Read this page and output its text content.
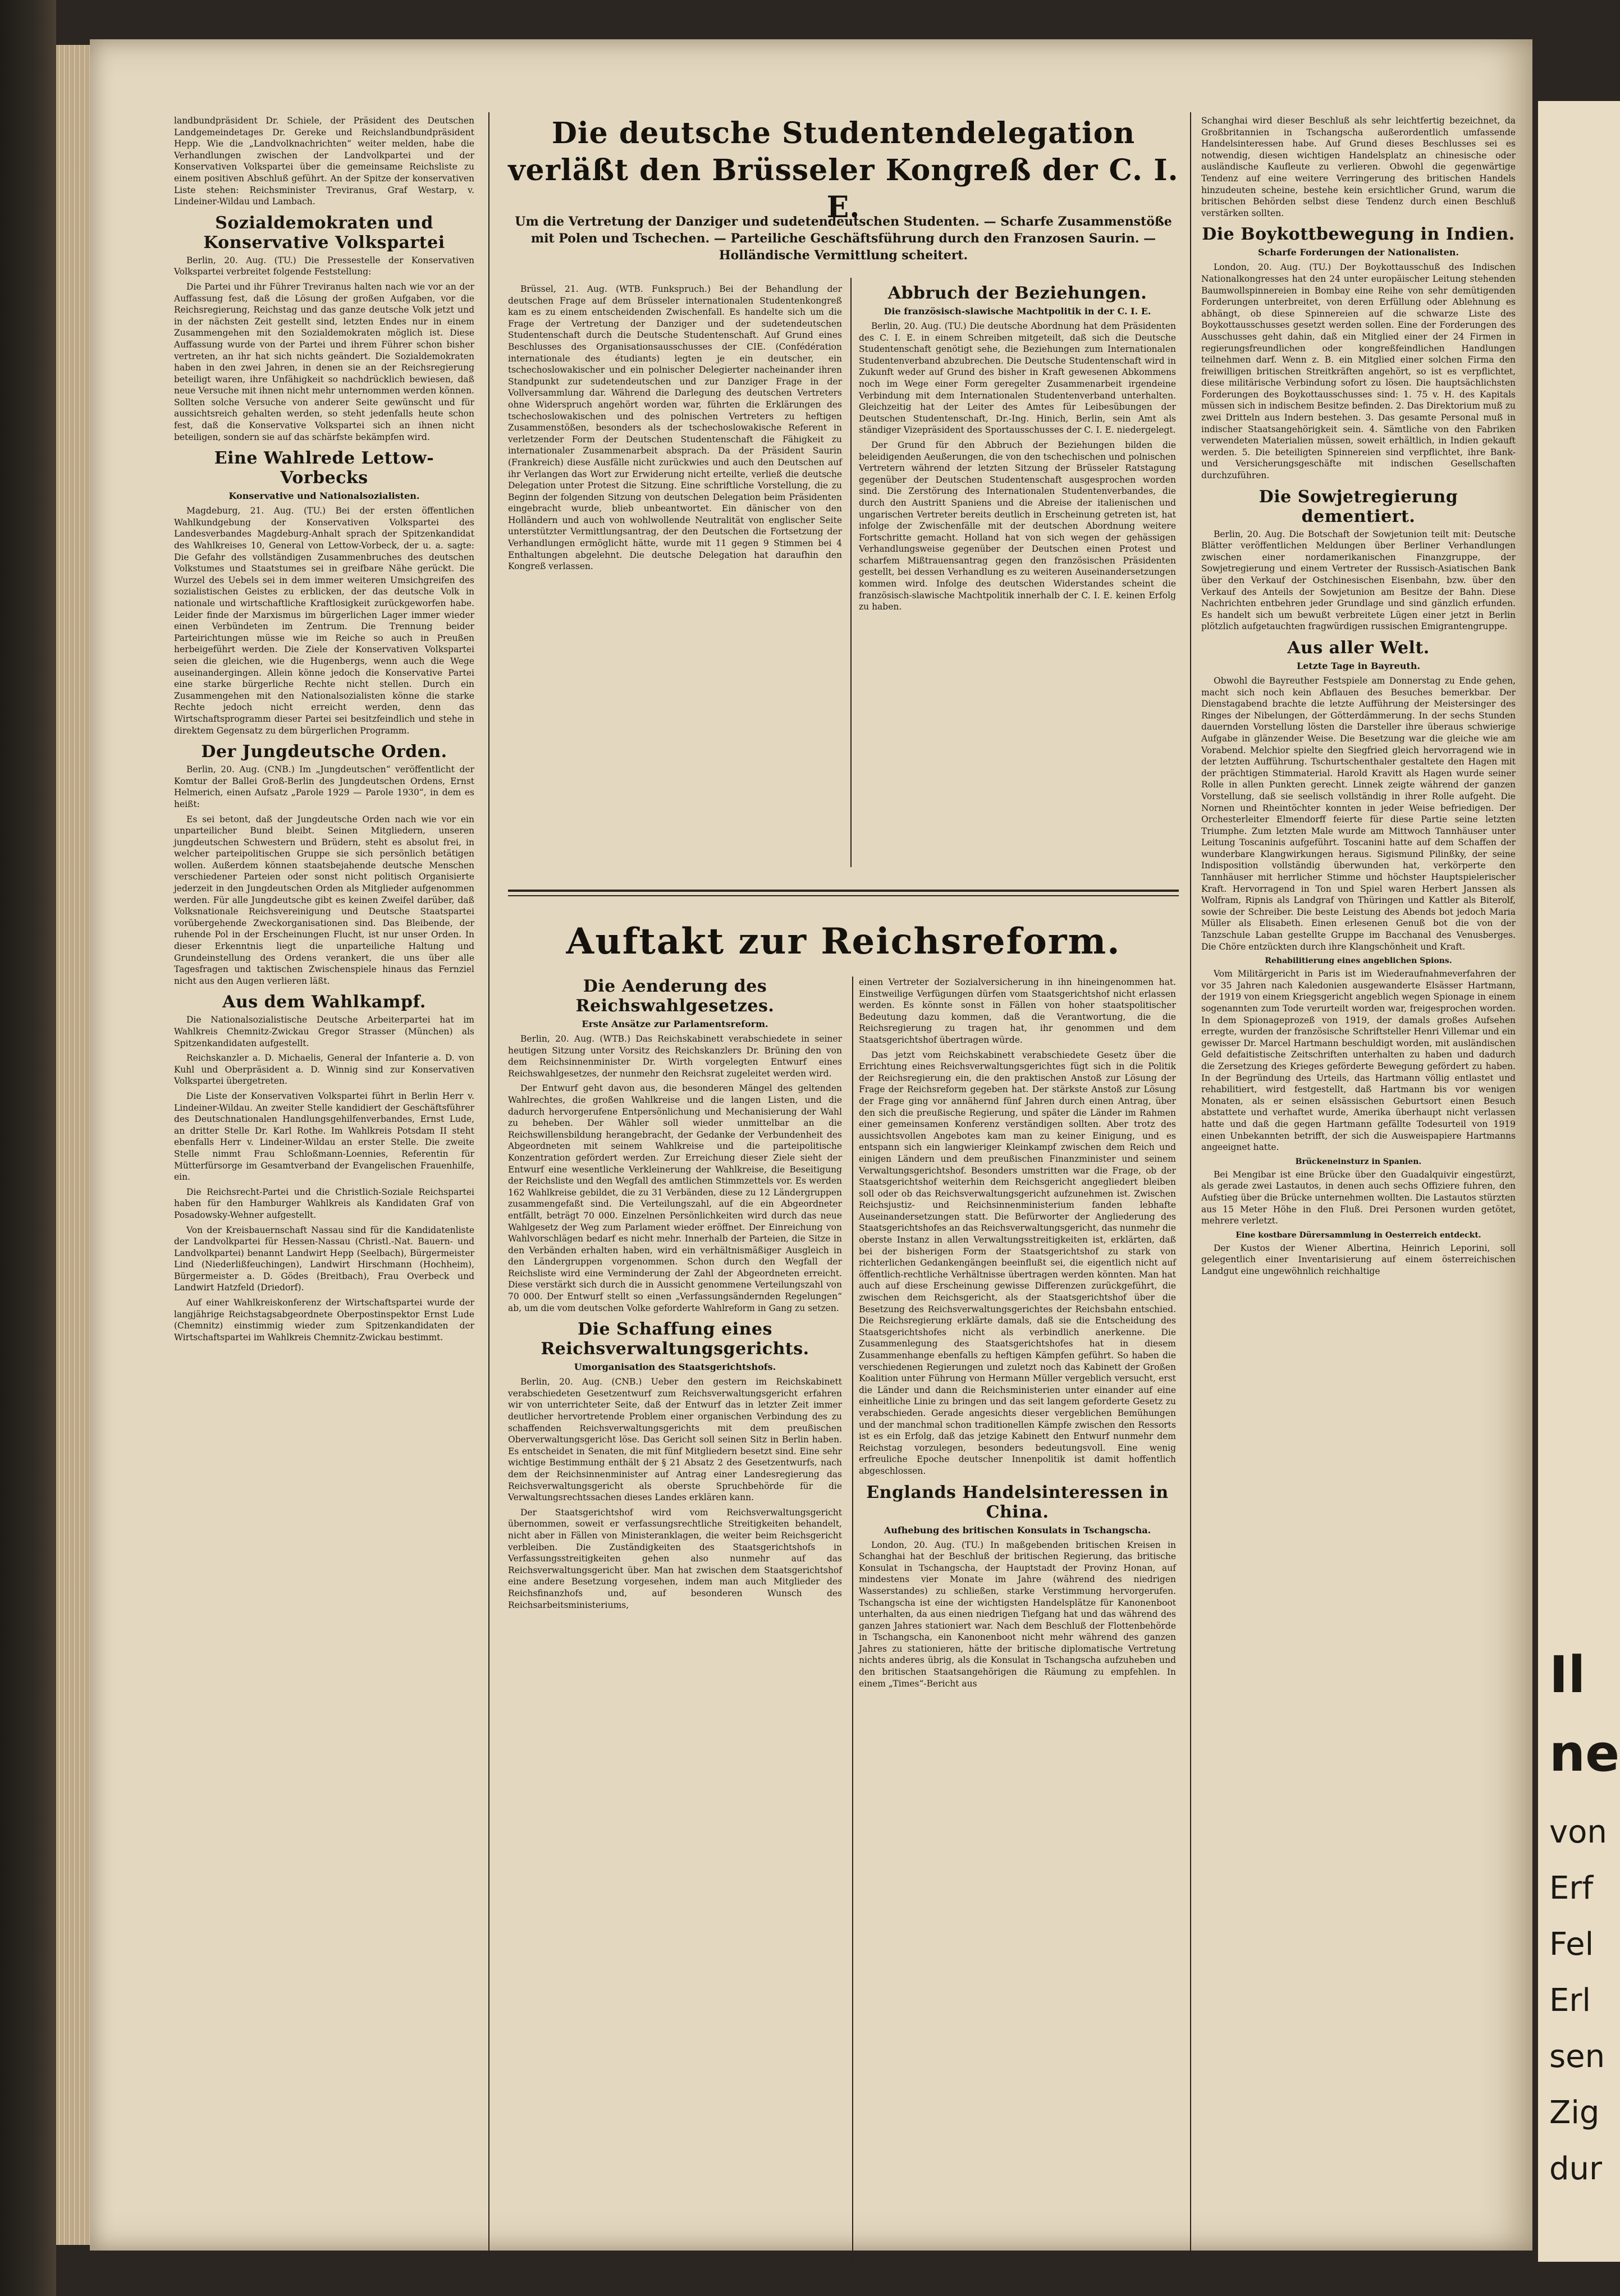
landbundpräsident Dr. Schiele, der Präsident des Deutschen Landgemeindetages Dr. Gereke und Reichslandbundpräsident Hepp. Wie die „Landvolknachrichten“ weiter melden, habe die Verhandlungen zwischen der Landvolkpartei und der Konservativen Volkspartei über die gemeinsame Reichsliste zu einem positiven Abschluß geführt. An der Spitze der konservativen Liste stehen: Reichsminister Treviranus, Graf Westarp, v. Lindeiner-Wildau und Lambach.

Sozialdemokraten und Konservative Volkspartei

Berlin, 20. Aug. (TU.) Die Pressestelle der Konservativen Volkspartei verbreitet folgende Feststellung:

Die Partei und ihr Führer Treviranus halten nach wie vor an der Auffassung fest, daß die Lösung der großen Aufgaben, vor die Reichsregierung, Reichstag und das ganze deutsche Volk jetzt und in der nächsten Zeit gestellt sind, letzten Endes nur in einem Zusammengehen mit den Sozialdemokraten möglich ist. Diese Auffassung wurde von der Partei und ihrem Führer schon bisher vertreten, an ihr hat sich nichts geändert. Die Sozialdemokraten haben in den zwei Jahren, in denen sie an der Reichsregierung beteiligt waren, ihre Unfähigkeit so nachdrücklich bewiesen, daß neue Versuche mit ihnen nicht mehr unternommen werden können. Sollten solche Versuche von anderer Seite gewünscht und für aussichtsreich gehalten werden, so steht jedenfalls heute schon fest, daß die Konservative Volkspartei sich an ihnen nicht beteiligen, sondern sie auf das schärfste bekämpfen wird.

Eine Wahlrede Lettow-Vorbecks
Konservative und Nationalsozialisten.

Magdeburg, 21. Aug. (TU.) Bei der ersten öffentlichen Wahlkundgebung der Konservativen Volkspartei des Landesverbandes Magdeburg-Anhalt sprach der Spitzenkandidat des Wahlkreises 10, General von Lettow-Vorbeck, der u. a. sagte: Die Gefahr des vollständigen Zusammenbruches des deutschen Volkstumes und Staatstumes sei in greifbare Nähe gerückt. Die Wurzel des Uebels sei in dem immer weiteren Umsichgreifen des sozialistischen Geistes zu erblicken, der das deutsche Volk in nationale und wirtschaftliche Kraftlosigkeit zurückgeworfen habe. Leider finde der Marxismus im bürgerlichen Lager immer wieder einen Verbündeten im Zentrum. Die Trennung beider Parteirichtungen müsse wie im Reiche so auch in Preußen herbeigeführt werden. Die Ziele der Konservativen Volkspartei seien die gleichen, wie die Hugenbergs, wenn auch die Wege auseinandergingen. Allein könne jedoch die Konservative Partei eine starke bürgerliche Rechte nicht stellen. Durch ein Zusammengehen mit den Nationalsozialisten könne die starke Rechte jedoch nicht erreicht werden, denn das Wirtschaftsprogramm dieser Partei sei besitzfeindlich und stehe in direktem Gegensatz zu dem bürgerlichen Programm.

Der Jungdeutsche Orden.

Berlin, 20. Aug. (CNB.) Im „Jungdeutschen“ veröffentlicht der Komtur der Ballei Groß-Berlin des Jungdeutschen Ordens, Ernst Helmerich, einen Aufsatz „Parole 1929 — Parole 1930“, in dem es heißt:

Es sei betont, daß der Jungdeutsche Orden nach wie vor ein unparteilicher Bund bleibt. Seinen Mitgliedern, unseren jungdeutschen Schwestern und Brüdern, steht es absolut frei, in welcher parteipolitischen Gruppe sie sich persönlich betätigen wollen. Außerdem können staatsbejahende deutsche Menschen verschiedener Parteien oder sonst nicht politisch Organisierte jederzeit in den Jungdeutschen Orden als Mitglieder aufgenommen werden. Für alle Jungdeutsche gibt es keinen Zweifel darüber, daß Volksnationale Reichsvereinigung und Deutsche Staatspartei vorübergehende Zweckorganisationen sind. Das Bleibende, der ruhende Pol in der Erscheinungen Flucht, ist nur unser Orden. In dieser Erkenntnis liegt die unparteiliche Haltung und Grundeinstellung des Ordens verankert, die uns über alle Tagesfragen und taktischen Zwischenspiele hinaus das Fernziel nicht aus den Augen verlieren läßt.

Aus dem Wahlkampf.

Die Nationalsozialistische Deutsche Arbeiterpartei hat im Wahlkreis Chemnitz-Zwickau Gregor Strasser (München) als Spitzenkandidaten aufgestellt.

Reichskanzler a. D. Michaelis, General der Infanterie a. D. von Kuhl und Oberpräsident a. D. Winnig sind zur Konservativen Volkspartei übergetreten.

Die Liste der Konservativen Volkspartei führt in Berlin Herr v. Lindeiner-Wildau. An zweiter Stelle kandidiert der Geschäftsführer des Deutschnationalen Handlungsgehilfenverbandes, Ernst Lude, an dritter Stelle Dr. Karl Rothe. Im Wahlkreis Potsdam II steht ebenfalls Herr v. Lindeiner-Wildau an erster Stelle. Die zweite Stelle nimmt Frau Schloßmann-Loennies, Referentin für Mütterfürsorge im Gesamtverband der Evangelischen Frauenhilfe, ein.

Die Reichsrecht-Partei und die Christlich-Soziale Reichspartei haben für den Hamburger Wahlkreis als Kandidaten Graf von Posadowsky-Wehner aufgestellt.

Von der Kreisbauernschaft Nassau sind für die Kandidatenliste der Landvolkpartei für Hessen-Nassau (Christl.-Nat. Bauern- und Landvolkpartei) benannt Landwirt Hepp (Seelbach), Bürgermeister Lind (Niederlißfeuchingen), Landwirt Hirschmann (Hochheim), Bürgermeister a. D. Gödes (Breitbach), Frau Overbeck und Landwirt Hatzfeld (Driedorf).

Auf einer Wahlkreiskonferenz der Wirtschaftspartei wurde der langjährige Reichstagsabgeordnete Oberpostinspektor Ernst Lude (Chemnitz) einstimmig wieder zum Spitzenkandidaten der Wirtschaftspartei im Wahlkreis Chemnitz-Zwickau bestimmt.

Die deutsche Studentendelegation verläßt den Brüsseler Kongreß der C. I. E.
Um die Vertretung der Danziger und sudetendeutschen Studenten. — Scharfe Zusammenstöße mit Polen und Tschechen. — Parteiliche Geschäftsführung durch den Franzosen Saurin. — Holländische Vermittlung scheitert.

Brüssel, 21. Aug. (WTB. Funkspruch.) Bei der Behandlung der deutschen Frage auf dem Brüsseler internationalen Studentenkongreß kam es zu einem entscheidenden Zwischenfall. Es handelte sich um die Frage der Vertretung der Danziger und der sudetendeutschen Studentenschaft durch die Deutsche Studentenschaft. Auf Grund eines Beschlusses des Organisationsausschusses der CIE. (Confédération internationale des étudiants) legten je ein deutscher, ein tschechoslowakischer und ein polnischer Delegierter nacheinander ihren Standpunkt zur sudetendeutschen und zur Danziger Frage in der Vollversammlung dar. Während die Darlegung des deutschen Vertreters ohne Widerspruch angehört worden war, führten die Erklärungen des tschechoslowakischen und des polnischen Vertreters zu heftigen Zusammenstößen, besonders als der tschechoslowakische Referent in verletzender Form der Deutschen Studentenschaft die Fähigkeit zu internationaler Zusammenarbeit absprach. Da der Präsident Saurin (Frankreich) diese Ausfälle nicht zurückwies und auch den Deutschen auf ihr Verlangen das Wort zur Erwiderung nicht erteilte, verließ die deutsche Delegation unter Protest die Sitzung. Eine schriftliche Vorstellung, die zu Beginn der folgenden Sitzung von deutschen Delegation beim Präsidenten eingebracht wurde, blieb unbeantwortet. Ein dänischer von den Holländern und auch von wohlwollende Neutralität von englischer Seite unterstützter Vermittlungsantrag, der den Deutschen die Fortsetzung der Verhandlungen ermöglicht hätte, wurde mit 11 gegen 9 Stimmen bei 4 Enthaltungen abgelehnt. Die deutsche Delegation hat daraufhin den Kongreß verlassen.

Abbruch der Beziehungen.
Die französisch-slawische Machtpolitik in der C. I. E.

Berlin, 20. Aug. (TU.) Die deutsche Abordnung hat dem Präsidenten des C. I. E. in einem Schreiben mitgeteilt, daß sich die Deutsche Studentenschaft genötigt sehe, die Beziehungen zum Internationalen Studentenverband abzubrechen. Die Deutsche Studentenschaft wird in Zukunft weder auf Grund des bisher in Kraft gewesenen Abkommens noch im Wege einer Form geregelter Zusammenarbeit irgendeine Verbindung mit dem Internationalen Studentenverband unterhalten. Gleichzeitig hat der Leiter des Amtes für Leibesübungen der Deutschen Studentenschaft, Dr.-Ing. Hinich, Berlin, sein Amt als ständiger Vizepräsident des Sportausschusses der C. I. E. niedergelegt.

Der Grund für den Abbruch der Beziehungen bilden die beleidigenden Aeußerungen, die von den tschechischen und polnischen Vertretern während der letzten Sitzung der Brüsseler Ratstagung gegenüber der Deutschen Studentenschaft ausgesprochen worden sind. Die Zerstörung des Internationalen Studentenverbandes, die durch den Austritt Spaniens und die Abreise der italienischen und ungarischen Vertreter bereits deutlich in Erscheinung getreten ist, hat infolge der Zwischenfälle mit der deutschen Abordnung weitere Fortschritte gemacht. Holland hat von sich wegen der gehässigen Verhandlungsweise gegenüber der Deutschen einen Protest und scharfem Mißtrauensantrag gegen den französischen Präsidenten gestellt, bei dessen Verhandlung es zu weiteren Auseinandersetzungen kommen wird. Infolge des deutschen Widerstandes scheint die französisch-slawische Machtpolitik innerhalb der C. I. E. keinen Erfolg zu haben.

Auftakt zur Reichsreform.
Die Aenderung des Reichswahlgesetzes.
Erste Ansätze zur Parlamentsreform.

Berlin, 20. Aug. (WTB.) Das Reichskabinett verabschiedete in seiner heutigen Sitzung unter Vorsitz des Reichskanzlers Dr. Brüning den von dem Reichsinnenminister Dr. Wirth vorgelegten Entwurf eines Reichswahlgesetzes, der nunmehr den Reichsrat zugeleitet werden wird.

Der Entwurf geht davon aus, die besonderen Mängel des geltenden Wahlrechtes, die großen Wahlkreise und die langen Listen, und die dadurch hervorgerufene Entpersönlichung und Mechanisierung der Wahl zu beheben. Der Wähler soll wieder unmittelbar an die Reichswillensbildung herangebracht, der Gedanke der Verbundenheit des Abgeordneten mit seinem Wahlkreise und die parteipolitische Konzentration gefördert werden. Zur Erreichung dieser Ziele sieht der Entwurf eine wesentliche Verkleinerung der Wahlkreise, die Beseitigung der Reichsliste und den Wegfall des amtlichen Stimmzettels vor. Es werden 162 Wahlkreise gebildet, die zu 31 Verbänden, diese zu 12 Ländergruppen zusammengefaßt sind. Die Verteilungszahl, auf die ein Abgeordneter entfällt, beträgt 70 000. Einzelnen Persönlichkeiten wird durch das neue Wahlgesetz der Weg zum Parlament wieder eröffnet. Der Einreichung von Wahlvorschlägen bedarf es nicht mehr. Innerhalb der Parteien, die Sitze in den Verbänden erhalten haben, wird ein verhältnismäßiger Ausgleich in den Ländergruppen vorgenommen. Schon durch den Wegfall der Reichsliste wird eine Verminderung der Zahl der Abgeordneten erreicht. Diese verstärkt sich durch die in Aussicht genommene Verteilungszahl von 70 000. Der Entwurf stellt so einen „Verfassungsändernden Regelungen“ ab, um die vom deutschen Volke geforderte Wahlreform in Gang zu setzen.

Die Schaffung eines Reichsverwaltungsgerichts.
Umorganisation des Staatsgerichtshofs.

Berlin, 20. Aug. (CNB.) Ueber den gestern im Reichskabinett verabschiedeten Gesetzentwurf zum Reichsverwaltungsgericht erfahren wir von unterrichteter Seite, daß der Entwurf das in letzter Zeit immer deutlicher hervortretende Problem einer organischen Verbindung des zu schaffenden Reichsverwaltungsgerichts mit dem preußischen Oberverwaltungsgericht löse. Das Gericht soll seinen Sitz in Berlin haben. Es entscheidet in Senaten, die mit fünf Mitgliedern besetzt sind. Eine sehr wichtige Bestimmung enthält der § 21 Absatz 2 des Gesetzentwurfs, nach dem der Reichsinnenminister auf Antrag einer Landesregierung das Reichsverwaltungsgericht als oberste Spruchbehörde für die Verwaltungsrechtssachen dieses Landes erklären kann.

Der Staatsgerichtshof wird vom Reichsverwaltungsgericht übernommen, soweit er verfassungsrechtliche Streitigkeiten behandelt, nicht aber in Fällen von Ministeranklagen, die weiter beim Reichsgericht verbleiben. Die Zuständigkeiten des Staatsgerichtshofs in Verfassungsstreitigkeiten gehen also nunmehr auf das Reichsverwaltungsgericht über. Man hat zwischen dem Staatsgerichtshof eine andere Besetzung vorgesehen, indem man auch Mitglieder des Reichsfinanzhofs und, auf besonderen Wunsch des Reichsarbeitsministeriums,

einen Vertreter der Sozialversicherung in ihn hineingenommen hat. Einstweilige Verfügungen dürfen vom Staatsgerichtshof nicht erlassen werden. Es könnte sonst in Fällen von hoher staatspolitischer Bedeutung dazu kommen, daß die Verantwortung, die die Reichsregierung zu tragen hat, ihr genommen und dem Staatsgerichtshof übertragen würde.

Das jetzt vom Reichskabinett verabschiedete Gesetz über die Errichtung eines Reichsverwaltungsgerichtes fügt sich in die Politik der Reichsregierung ein, die den praktischen Anstoß zur Lösung der Frage der Reichsreform gegeben hat. Der stärkste Anstoß zur Lösung der Frage ging vor annähernd fünf Jahren durch einen Antrag, über den sich die preußische Regierung, und später die Länder im Rahmen einer gemeinsamen Konferenz verständigen sollten. Aber trotz des aussichtsvollen Angebotes kam man zu keiner Einigung, und es entspann sich ein langwieriger Kleinkampf zwischen dem Reich und einigen Ländern und dem preußischen Finanzminister und seinem Verwaltungsgerichtshof. Besonders umstritten war die Frage, ob der Staatsgerichtshof weiterhin dem Reichsgericht angegliedert bleiben soll oder ob das Reichsverwaltungsgericht aufzunehmen ist. Zwischen Reichsjustiz- und Reichsinnenministerium fanden lebhafte Auseinandersetzungen statt. Die Befürworter der Angliederung des Staatsgerichtshofes an das Reichsverwaltungsgericht, das nunmehr die oberste Instanz in allen Verwaltungsstreitigkeiten ist, erklärten, daß bei der bisherigen Form der Staatsgerichtshof zu stark von richterlichen Gedankengängen beeinflußt sei, die eigentlich nicht auf öffentlich-rechtliche Verhältnisse übertragen werden könnten. Man hat auch auf diese Erscheinung gewisse Differenzen zurückgeführt, die zwischen dem Reichsgericht, als der Staatsgerichtshof über die Besetzung des Reichsverwaltungsgerichtes der Reichsbahn entschied. Die Reichsregierung erklärte damals, daß sie die Entscheidung des Staatsgerichtshofes nicht als verbindlich anerkenne. Die Zusammenlegung des Staatsgerichtshofes hat in diesem Zusammenhange ebenfalls zu heftigen Kämpfen geführt. So haben die verschiedenen Regierungen und zuletzt noch das Kabinett der Großen Koalition unter Führung von Hermann Müller vergeblich versucht, erst die Länder und dann die Reichsministerien unter einander auf eine einheitliche Linie zu bringen und das seit langem geforderte Gesetz zu verabschieden. Gerade angesichts dieser vergeblichen Bemühungen und der manchmal schon traditionellen Kämpfe zwischen den Ressorts ist es ein Erfolg, daß das jetzige Kabinett den Entwurf nunmehr dem Reichstag vorzulegen, besonders bedeutungsvoll. Eine wenig erfreuliche Epoche deutscher Innenpolitik ist damit hoffentlich abgeschlossen.

Englands Handelsinteressen in China.
Aufhebung des britischen Konsulats in Tschangscha.

London, 20. Aug. (TU.) In maßgebenden britischen Kreisen in Schanghai hat der Beschluß der britischen Regierung, das britische Konsulat in Tschangscha, der Hauptstadt der Provinz Honan, auf mindestens vier Monate im Jahre (während des niedrigen Wasserstandes) zu schließen, starke Verstimmung hervorgerufen. Tschangscha ist eine der wichtigsten Handelsplätze für Kanonenboot unterhalten, da aus einen niedrigen Tiefgang hat und das während des ganzen Jahres stationiert war. Nach dem Beschluß der Flottenbehörde in Tschangscha, ein Kanonenboot nicht mehr während des ganzen Jahres zu stationieren, hätte der britische diplomatische Vertretung nichts anderes übrig, als die Konsulat in Tschangscha aufzuheben und den britischen Staatsangehörigen die Räumung zu empfehlen. In einem „Times“-Bericht aus

Schanghai wird dieser Beschluß als sehr leichtfertig bezeichnet, da Großbritannien in Tschangscha außerordentlich umfassende Handelsinteressen habe. Auf Grund dieses Beschlusses sei es notwendig, diesen wichtigen Handelsplatz an chinesische oder ausländische Kaufleute zu verlieren. Obwohl die gegenwärtige Tendenz auf eine weitere Verringerung des britischen Handels hinzudeuten scheine, bestehe kein ersichtlicher Grund, warum die britischen Behörden selbst diese Tendenz durch einen Beschluß verstärken sollten.

Die Boykottbewegung in Indien.
Scharfe Forderungen der Nationalisten.

London, 20. Aug. (TU.) Der Boykottausschuß des Indischen Nationalkongresses hat den 24 unter europäischer Leitung stehenden Baumwollspinnereien in Bombay eine Reihe von sehr demütigenden Forderungen unterbreitet, von deren Erfüllung oder Ablehnung es abhängt, ob diese Spinnereien auf die schwarze Liste des Boykottausschusses gesetzt werden sollen. Eine der Forderungen des Ausschusses geht dahin, daß ein Mitglied einer der 24 Firmen in regierungsfreundlichen oder kongreßfeindlichen Handlungen teilnehmen darf. Wenn z. B. ein Mitglied einer solchen Firma den freiwilligen britischen Streitkräften angehört, so ist es verpflichtet, diese militärische Verbindung sofort zu lösen. Die hauptsächlichsten Forderungen des Boykottausschusses sind: 1. 75 v. H. des Kapitals müssen sich in indischem Besitze befinden. 2. Das Direktorium muß zu zwei Dritteln aus Indern bestehen. 3. Das gesamte Personal muß in indischer Staatsangehörigkeit sein. 4. Sämtliche von den Fabriken verwendeten Materialien müssen, soweit erhältlich, in Indien gekauft werden. 5. Die beteiligten Spinnereien sind verpflichtet, ihre Bank- und Versicherungsgeschäfte mit indischen Gesellschaften durchzuführen.

Die Sowjetregierung dementiert.

Berlin, 20. Aug. Die Botschaft der Sowjetunion teilt mit: Deutsche Blätter veröffentlichen Meldungen über Berliner Verhandlungen zwischen einer nordamerikanischen Finanzgruppe, der Sowjetregierung und einem Vertreter der Russisch-Asiatischen Bank über den Verkauf der Ostchinesischen Eisenbahn, bzw. über den Verkauf des Anteils der Sowjetunion am Besitze der Bahn. Diese Nachrichten entbehren jeder Grundlage und sind gänzlich erfunden. Es handelt sich um bewußt verbreitete Lügen einer jetzt in Berlin plötzlich aufgetauchten fragwürdigen russischen Emigrantengruppe.

Aus aller Welt.
Letzte Tage in Bayreuth.

Obwohl die Bayreuther Festspiele am Donnerstag zu Ende gehen, macht sich noch kein Abflauen des Besuches bemerkbar. Der Dienstagabend brachte die letzte Aufführung der Meistersinger des Ringes der Nibelungen, der Götterdämmerung. In der sechs Stunden dauernden Vorstellung lösten die Darsteller ihre überaus schwierige Aufgabe in glänzender Weise. Die Besetzung war die gleiche wie am Vorabend. Melchior spielte den Siegfried gleich hervorragend wie in der letzten Aufführung. Tschurtschenthaler gestaltete den Hagen mit der prächtigen Stimmaterial. Harold Kravitt als Hagen wurde seiner Rolle in allen Punkten gerecht. Linnek zeigte während der ganzen Vorstellung, daß sie seelisch vollständig in ihrer Rolle aufgeht. Die Nornen und Rheintöchter konnten in jeder Weise befriedigen. Der Orchesterleiter Elmendorff feierte für diese Partie seine letzten Triumphe. Zum letzten Male wurde am Mittwoch Tannhäuser unter Leitung Toscaninis aufgeführt. Toscanini hatte auf dem Schaffen der wunderbare Klangwirkungen heraus. Sigismund Pilinßky, der seine Indisposition vollständig überwunden hat, verkörperte den Tannhäuser mit herrlicher Stimme und höchster Hauptspielerischer Kraft. Hervorragend in Ton und Spiel waren Herbert Janssen als Wolfram, Ripnis als Landgraf von Thüringen und Kattler als Biterolf, sowie der Schreiber. Die beste Leistung des Abends bot jedoch Maria Müller als Elisabeth. Einen erlesenen Genuß bot die von der Tanzschule Laban gestellte Gruppe im Bacchanal des Venusberges. Die Chöre entzückten durch ihre Klangschönheit und Kraft.

Rehabilitierung eines angeblichen Spions.

Vom Militärgericht in Paris ist im Wiederaufnahmeverfahren der vor 35 Jahren nach Kaledonien ausgewanderte Elsässer Hartmann, der 1919 von einem Kriegsgericht angeblich wegen Spionage in einem sogenannten zum Tode verurteilt worden war, freigesprochen worden. In dem Spionageprozeß von 1919, der damals großes Aufsehen erregte, wurden der französische Schriftsteller Henri Villemar und ein gewisser Dr. Marcel Hartmann beschuldigt worden, mit ausländischen Geld defaitistische Zeitschriften unterhalten zu haben und dadurch die Zersetzung des Krieges geförderte Bewegung gefördert zu haben. In der Begründung des Urteils, das Hartmann völlig entlastet und rehabilitiert, wird festgestellt, daß Hartmann bis vor wenigen Monaten, als er seinen elsässischen Geburtsort einen Besuch abstattete und verhaftet wurde, Amerika überhaupt nicht verlassen hatte und daß die gegen Hartmann gefällte Todesurteil von 1919 einen Unbekannten betrifft, der sich die Ausweispapiere Hartmanns angeeignet hatte.

Brückeneinsturz in Spanien.

Bei Mengibar ist eine Brücke über den Guadalquivir eingestürzt, als gerade zwei Lastautos, in denen auch sechs Offiziere fuhren, den Aufstieg über die Brücke unternehmen wollten. Die Lastautos stürzten aus 15 Meter Höhe in den Fluß. Drei Personen wurden getötet, mehrere verletzt.

Eine kostbare Dürersammlung in Oesterreich entdeckt.

Der Kustos der Wiener Albertina, Heinrich Leporini, soll gelegentlich einer Inventarisierung auf einem österreichischen Landgut eine ungewöhnlich reichhaltige

Il
ne
von
Erf
Fel
Erl
sen
Zig
dur
